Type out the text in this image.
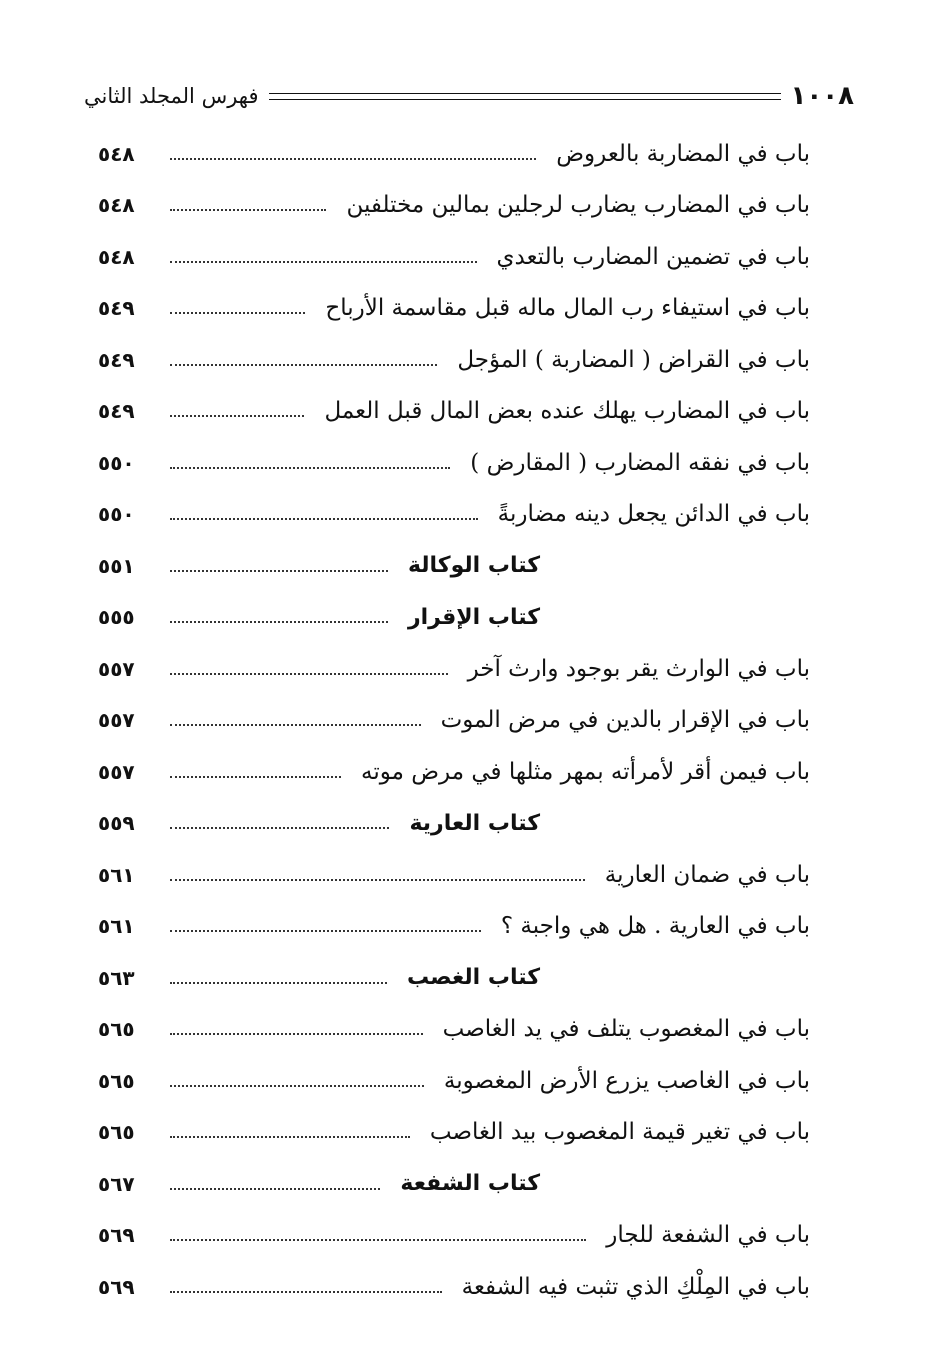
١٠٠٨
فهرس المجلد الثاني
باب في المضاربة بالعروض
٥٤٨
باب في المضارب يضارب لرجلين بمالين مختلفين
٥٤٨
باب في تضمين المضارب بالتعدي
٥٤٨
باب في استيفاء رب المال ماله قبل مقاسمة الأرباح
٥٤٩
باب في القراض ( المضاربة ) المؤجل
٥٤٩
باب في المضارب يهلك عنده بعض المال قبل العمل
٥٤٩
باب في نفقه المضارب ( المقارض )
٥٥٠
باب في الدائن يجعل دينه مضاربةً
٥٥٠
كتاب الوكالة
٥٥١
كتاب الإقرار
٥٥٥
باب في الوارث يقر بوجود وارث آخر
٥٥٧
باب في الإقرار بالدين في مرض الموت
٥٥٧
باب فيمن أقر لأمرأته بمهر مثلها في مرض موته
٥٥٧
كتاب العارية
٥٥٩
باب في ضمان العارية
٥٦١
باب في العارية . هل هي واجبة ؟
٥٦١
كتاب الغصب
٥٦٣
باب في المغصوب يتلف في يد الغاصب
٥٦٥
باب في الغاصب يزرع الأرض المغصوبة
٥٦٥
باب في تغير قيمة المغصوب بيد الغاصب
٥٦٥
كتاب الشفعة
٥٦٧
باب في الشفعة للجار
٥٦٩
باب في المِلْكِ الذي تثبت فيه الشفعة
٥٦٩
